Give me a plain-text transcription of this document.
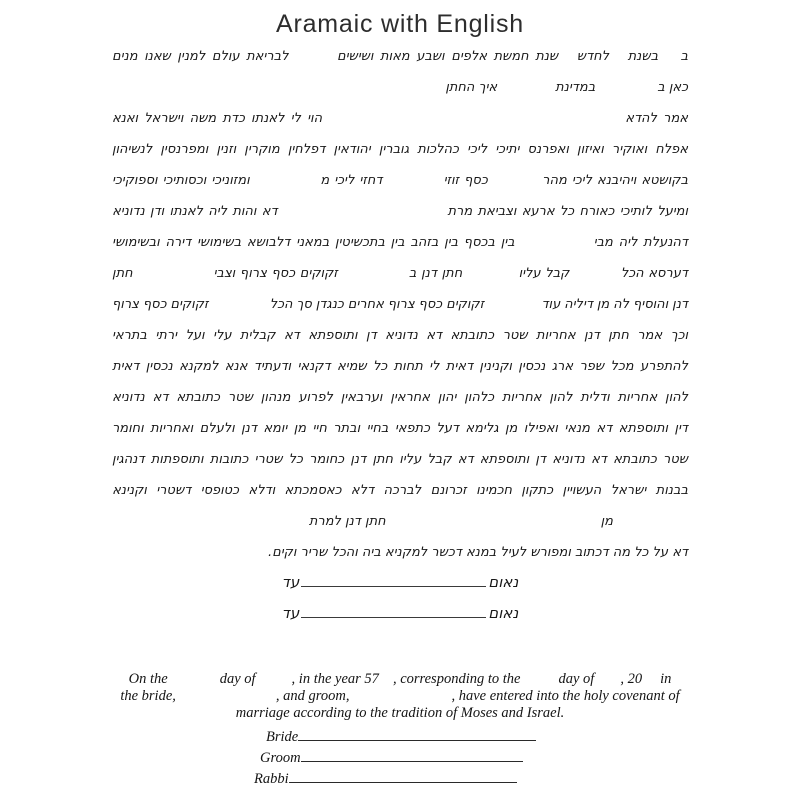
Aramaic with English
ב
בשנת
לחדש
שנת
חמשת
אלפים
ושבע
מאות
ושישים
לבריאת
עולם
למנין
שאנו
מנים
כאן ב
במדינת
איך החתן
אמר
להדא
הוי
לי
לאנתו
כדת
משה
וישראל
ואנא
אפלח
ואוקיר
ואיזון
ואפרנס
יתיכי
ליכי
כהלכות
גוברין
יהודאין
דפלחין
מוקרין
וזנין
ומפרנסין
לנשיהון
בקושטא
ויהיבנא
ליכי
מהר
כסף
זוזי
דחזי
ליכי
מ
ומזוניכי
וכסותיכי
וספוקיכי
ומיעל
לותיכי
כאורח
כל
ארעא
וצביאת
מרת
דא
והות
ליה
לאנתו
ודן
נדוניא
דהנעלת
ליה
מבי
בין
בכסף
בין
בזהב
בין
בתכשיטין
במאני
דלבושא
בשימושי
דירה
ובשימושי
דערסא
הכל
קבל
עליו
חתן
דנן
ב
זקוקים
כסף
צרוף
וצבי
חתן
דנן
והוסיף
לה
מן
דיליה
עוד
זקוקים
כסף
צרוף
אחרים
כנגדן
סך
הכל
זקוקים
כסף
צרוף
וכך
אמר
חתן
דנן
אחריות
שטר
כתובתא
דא
נדוניא
דן
ותוספתא
דא
קבלית
עלי
ועל
ירתי
בתראי
להתפרע
מכל
שפר
ארג
נכסין
וקנינין
דאית
לי
תחות
כל
שמיא
דקנאי
ודעתיד
אנא
למקנא
נכסין
דאית
להון
אחריות
ודלית
להון
אחריות
כלהון
יהון
אחראין
וערבאין
לפרוע
מנהון
שטר
כתובתא
דא
נדוניא
דין
ותוספתא
דא
מנאי
ואפילו
מן
גלימא
דעל
כתפאי
בחיי
ובתר
חיי
מן
יומא
דנן
ולעלם
ואחריות
וחומר
שטר
כתובתא
דא
נדוניא
דן
ותוספתא
דא
קבל
עליו
חתן
דנן
כחומר
כל
שטרי
כתובות
ותוספתות
דנהגין
בבנות
ישראל
העשויין
כתקון
חכמינו
זכרונם
לברכה
דלא
כאסמכתא
ודלא
כטופסי
דשטרי
וקנינא
מן
חתן דנן למרת
דא על כל מה דכתוב ומפורש לעיל במנא דכשר למקניא ביה והכל שריר וקים.
נאום
עד
נאום
עד
On the	day of , in the year 57 , corresponding to the	day of , 20 in
the bride,	, and groom,	, have entered into the holy covenant of
marriage according to the tradition of Moses and Israel.
Bride
Groom
Rabbi
